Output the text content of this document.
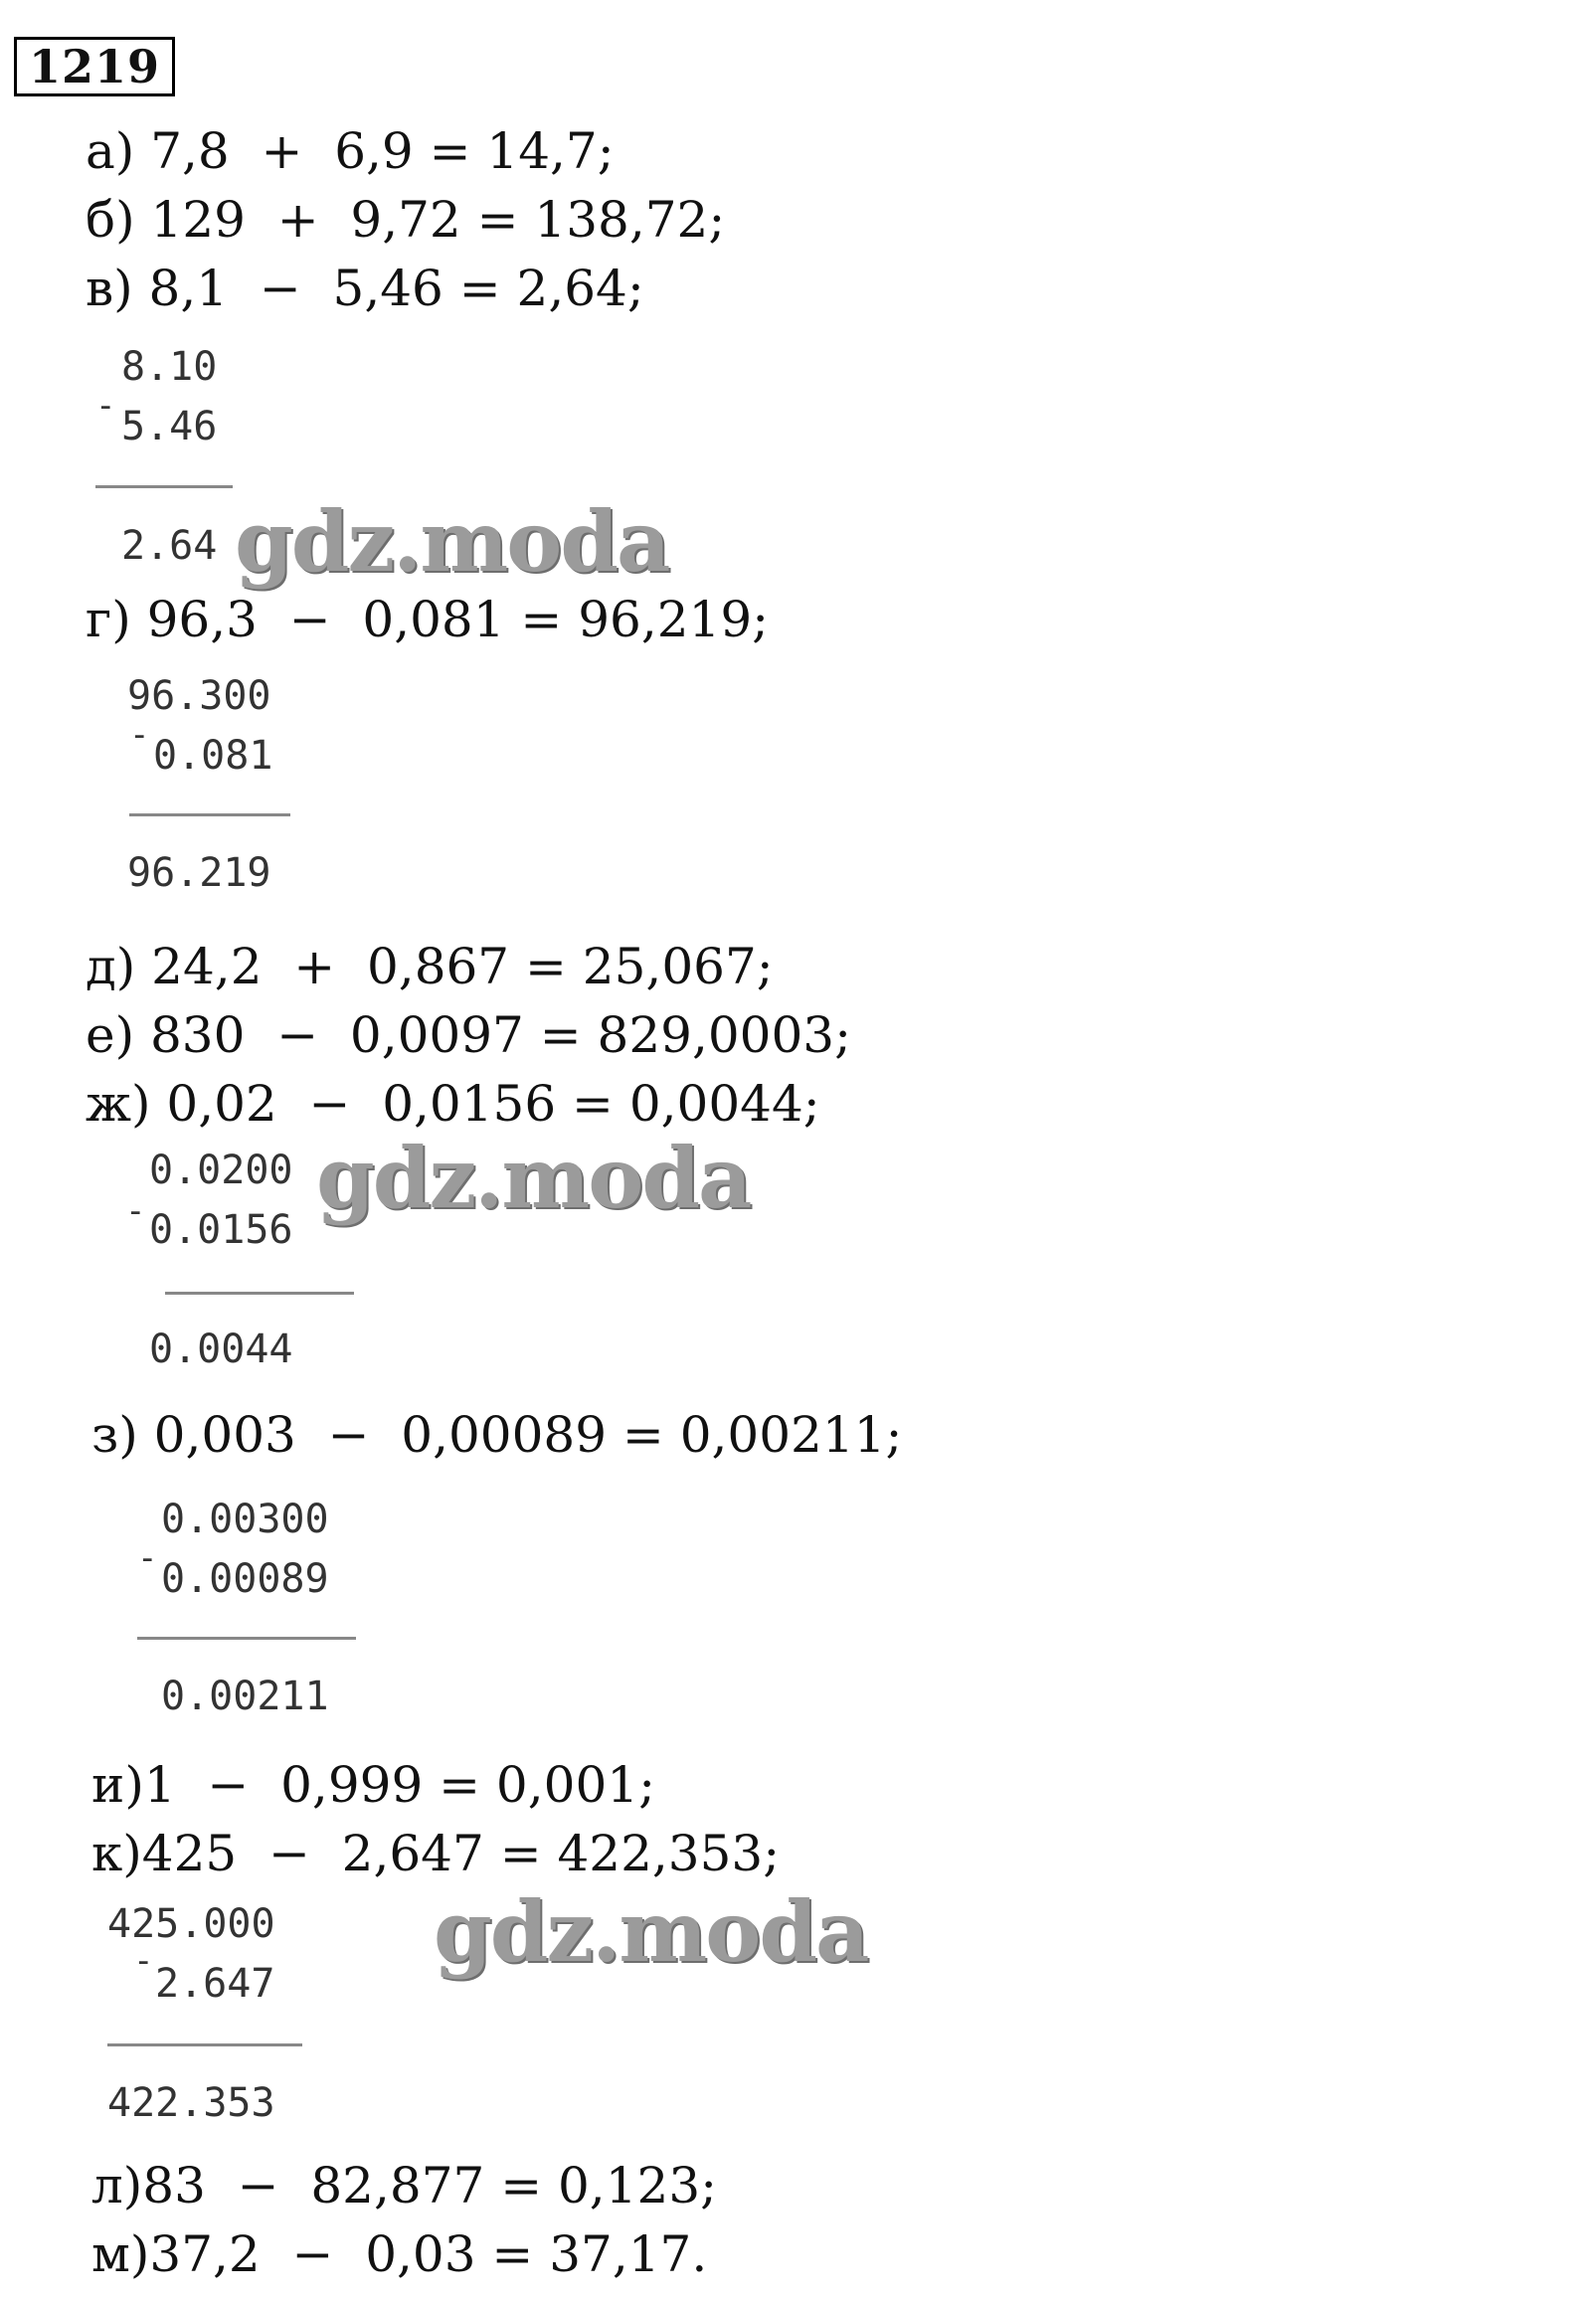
1219
а) 7,8  +  6,9 = 14,7;
б) 129  +  9,72 = 138,72;
в) 8,1  −  5,46 = 2,64;
8.10
- 5.46
2.64 gdz.moda
г) 96,3  −  0,081 = 96,219;
96.300
- 0.081
96.219
д) 24,2  +  0,867 = 25,067;
е) 830  −  0,0097 = 829,0003;
ж) 0,02  −  0,0156 = 0,0044;
0.0200
- 0.0156
0.0044
gdz.moda
з) 0,003  −  0,00089 = 0,00211;
0.00300
- 0.00089
0.00211
и)1  −  0,999 = 0,001;
к)425  −  2,647 = 422,353;
425.000
- 2.647
422.353
gdz.moda
л)83  −  82,877 = 0,123;
м)37,2  −  0,03 = 37,17.
